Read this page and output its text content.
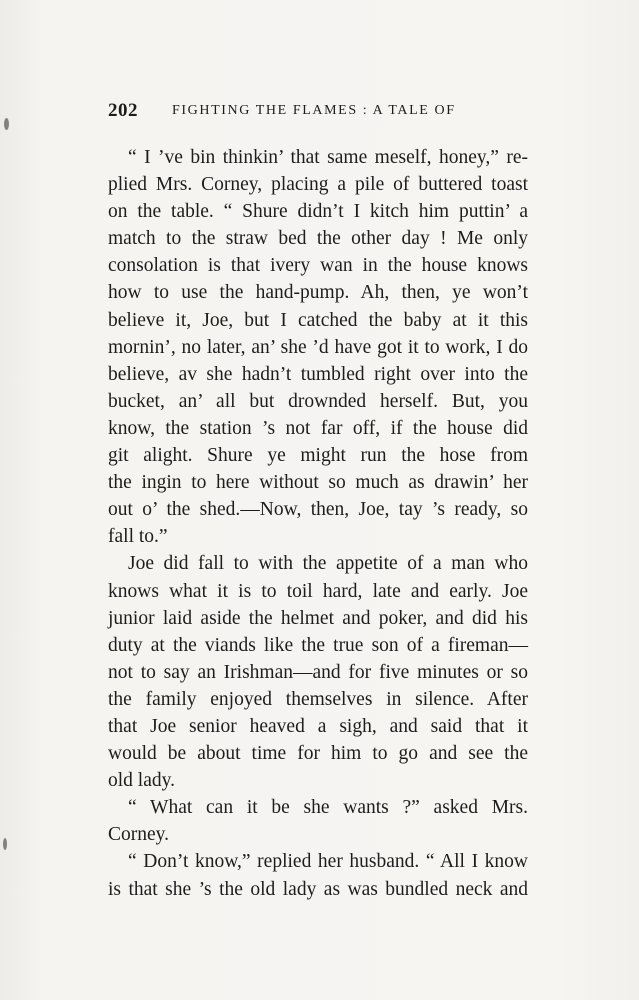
202 FIGHTING THE FLAMES : A TALE OF
“ I ’ve bin thinkin’ that same meself, honey,” re-
plied Mrs. Corney, placing a pile of buttered toast
on the table. “ Shure didn’t I kitch him puttin’ a
match to the straw bed the other day ! Me only
consolation is that ivery wan in the house knows
how to use the hand-pump. Ah, then, ye won’t
believe it, Joe, but I catched the baby at it this
mornin’, no later, an’ she ’d have got it to work, I do
believe, av she hadn’t tumbled right over into the
bucket, an’ all but drownded herself. But, you
know, the station ’s not far off, if the house did
git alight. Shure ye might run the hose from
the ingin to here without so much as drawin’ her
out o’ the shed.—Now, then, Joe, tay ’s ready, so
fall to.”
Joe did fall to with the appetite of a man who
knows what it is to toil hard, late and early. Joe
junior laid aside the helmet and poker, and did his
duty at the viands like the true son of a fireman—
not to say an Irishman—and for five minutes or so
the family enjoyed themselves in silence. After
that Joe senior heaved a sigh, and said that it
would be about time for him to go and see the
old lady.
“ What can it be she wants ?” asked Mrs.
Corney.
“ Don’t know,” replied her husband. “ All I know
is that she ’s the old lady as was bundled neck and
